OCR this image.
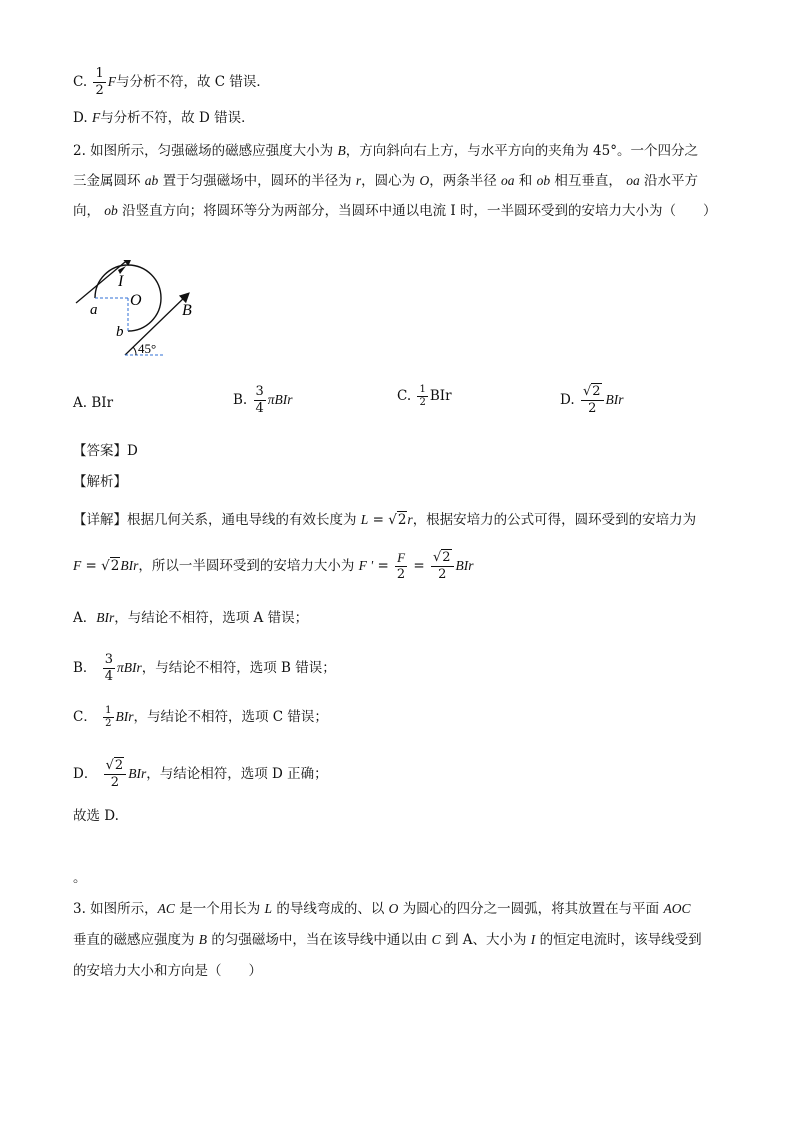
C. $\frac{1}{2}$ F与分析不符，故 C 错误．
D. F与分析不符，故 D 错误．
2. 如图所示，匀强磁场的磁感应强度大小为 B，方向斜向右上方，与水平方向的夹角为 45°。一个四分之
三金属圆环 ab 置于匀强磁场中，圆环的半径为 r，圆心为 O，两条半径 oa 和 ob 相互垂直， oa 沿水平方
向， ob 沿竖直方向；将圆环等分为两部分，当圆环中通以电流 I 时，一半圆环受到的安培力大小为（　　）
I
O
a
b
B
45°
A. BIr	B. $\frac{3}{4}$ πBIr	C. $\frac{1}{2}$ BIr	D. $\frac{√2}{2}$ BIr
【答案】D
【解析】
【详解】根据几何关系，通电导线的有效长度为 L = √2r，根据安培力的公式可得，圆环受到的安培力为
F = √2BIr，所以一半圆环受到的安培力大小为 F ' = $\frac{F}{2} = \frac{√2}{2}$ BIr
A．BIr，与结论不相符，选项 A 错误；
B． $\frac{3}{4}$ πBIr，与结论不相符，选项 B 错误；
C． $\frac{1}{2}$ BIr，与结论不相符，选项 C 错误；
D． $\frac{√2}{2}$ BIr，与结论相符，选项 D 正确；
故选 D.
。
3. 如图所示，AC 是一个用长为 L 的导线弯成的、以 O 为圆心的四分之一圆弧，将其放置在与平面 AOC
垂直的磁感应强度为 B 的匀强磁场中，当在该导线中通以由 C 到 A、大小为 I 的恒定电流时，该导线受到
的安培力大小和方向是（　　）
